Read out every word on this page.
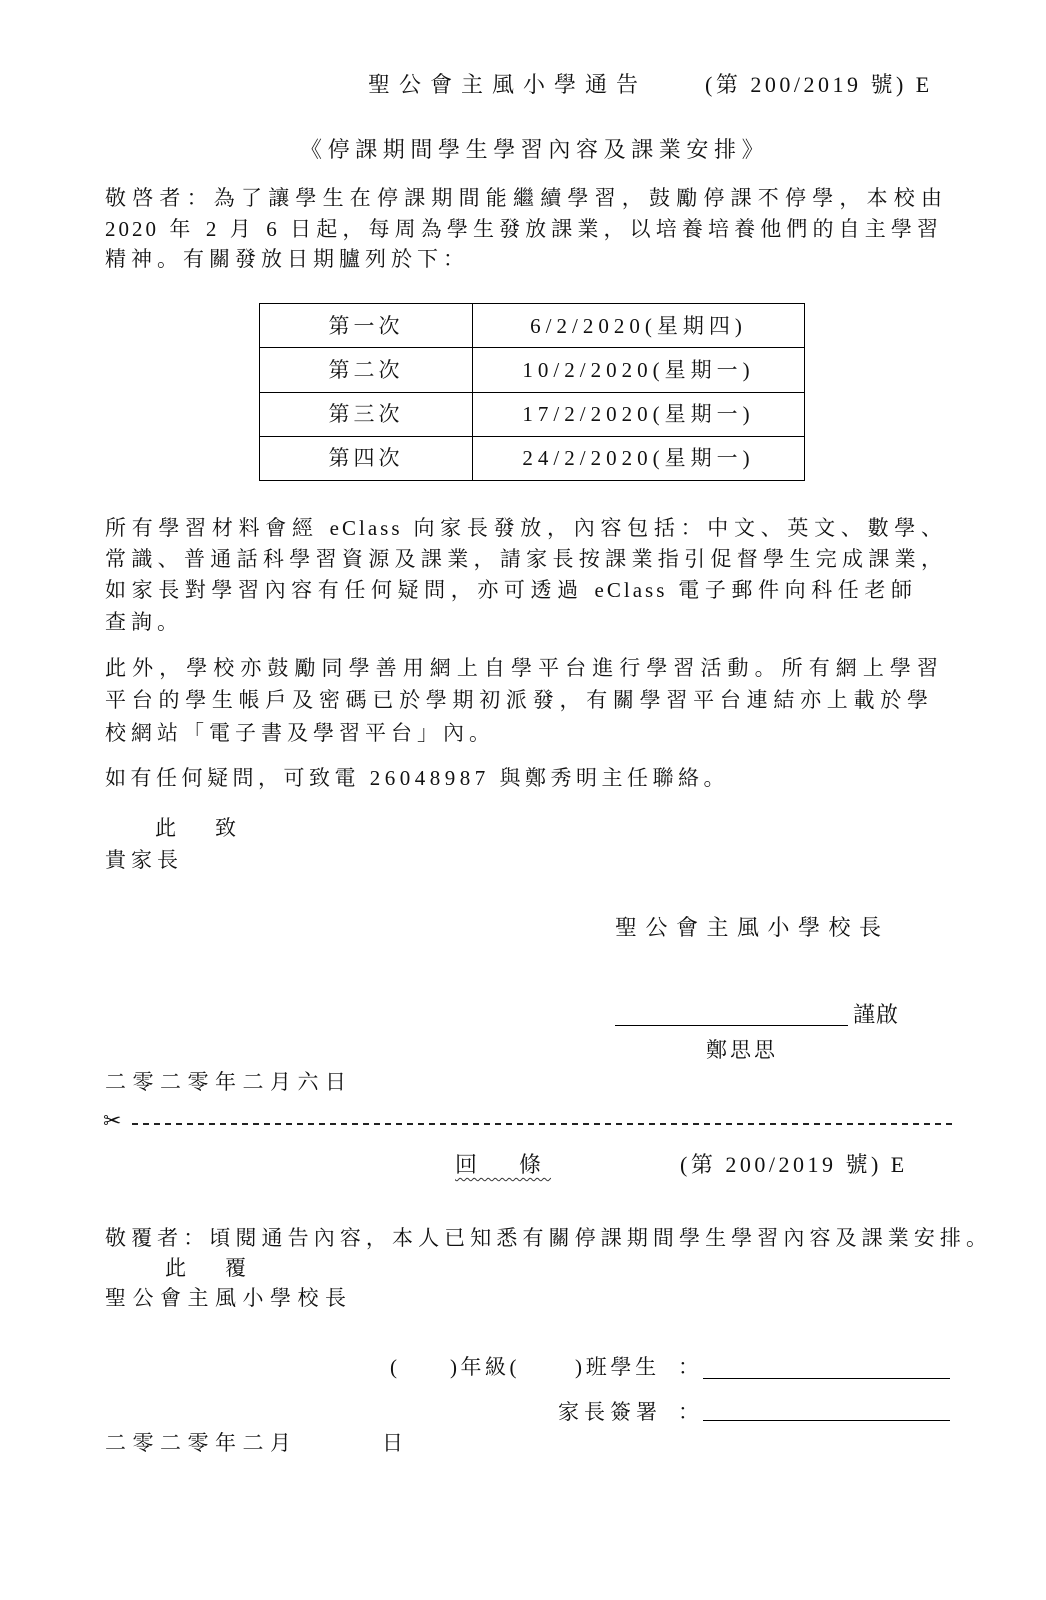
聖公會主風小學通告	(第 200/2019 號) E
《停課期間學生學習內容及課業安排》
敬啓者：為了讓學生在停課期間能繼續學習，鼓勵停課不停學，本校由
2020 年 2 月 6 日起，每周為學生發放課業，以培養培養他們的自主學習
精神。有關發放日期臚列於下：
第一次	6/2/2020(星期四)
第二次	10/2/2020(星期一)
第三次	17/2/2020(星期一)
第四次	24/2/2020(星期一)
所有學習材料會經 eClass 向家長發放，內容包括：中文、英文、數學、
常識、普通話科學習資源及課業，請家長按課業指引促督學生完成課業，
如家長對學習內容有任何疑問，亦可透過 eClass 電子郵件向科任老師
查詢。
此外，學校亦鼓勵同學善用網上自學平台進行學習活動。所有網上學習
平台的學生帳戶及密碼已於學期初派發，有關學習平台連結亦上載於學
校網站「電子書及學習平台」內。
如有任何疑問，可致電 26048987 與鄭秀明主任聯絡。
此　致
貴家長
聖公會主風小學校長
謹啟
鄭思思
二零二零年二月六日
✂
回　條	(第 200/2019 號) E
敬覆者：頃閱通告內容，本人已知悉有關停課期間學生學習內容及課業安排。
此　覆
聖公會主風小學校長
(	)年級(	)班學生 ：
家長簽署 ：
二零二零年二月	日
